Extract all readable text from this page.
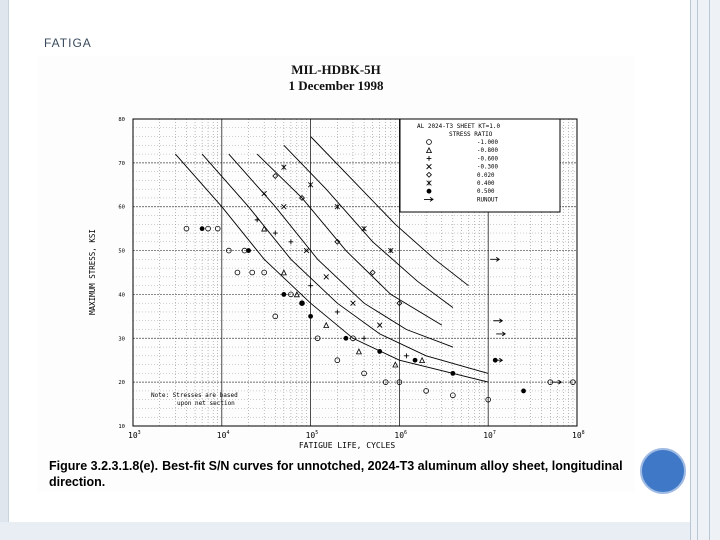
FATIGA
MIL-HDBK-5H
1 December 1998
$10^3$	$10^4$	$10^5$	$10^6$	$10^7$	$10^8$
10
20
30
40
50
60
70
80
AL 2024-T3 SHEET KT=1.0
STRESS RATIO
-1.000
-0.800
-0.600
-0.300
0.020
0.400
0.500
RUNOUT
Note: Stresses are based
upon net section
FATIGUE LIFE, CYCLES
MAXIMUM STRESS, KSI
Figure 3.2.3.1.8(e). Best-fit S/N curves for unnotched, 2024-T3 aluminum alloy sheet, longitudinal direction.
